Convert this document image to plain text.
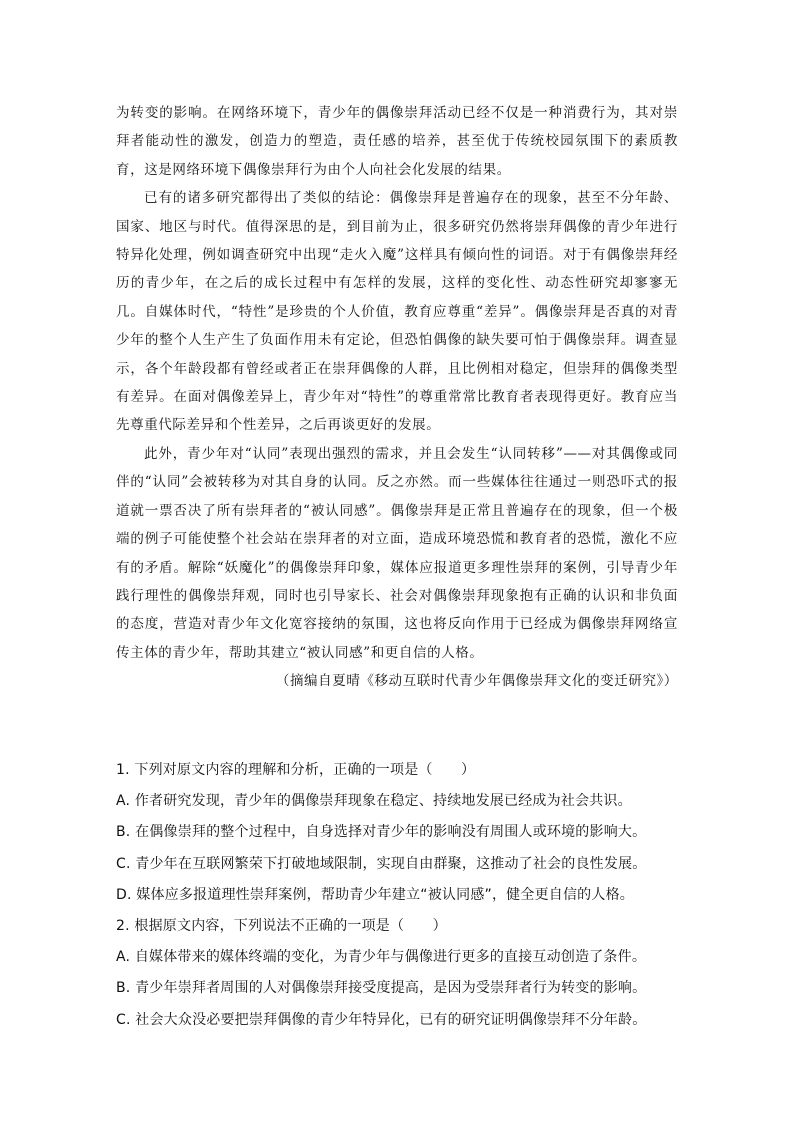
为转变的影响。在网络环境下，青少年的偶像崇拜活动已经不仅是一种消费行为，其对崇拜者能动性的激发，创造力的塑造，责任感的培养，甚至优于传统校园氛围下的素质教育，这是网络环境下偶像崇拜行为由个人向社会化发展的结果。

已有的诸多研究都得出了类似的结论：偶像崇拜是普遍存在的现象，甚至不分年龄、国家、地区与时代。值得深思的是，到目前为止，很多研究仍然将崇拜偶像的青少年进行特异化处理，例如调查研究中出现“走火入魔”这样具有倾向性的词语。对于有偶像崇拜经历的青少年，在之后的成长过程中有怎样的发展，这样的变化性、动态性研究却寥寥无几。自媒体时代，“特性”是珍贵的个人价值，教育应尊重“差异”。偶像崇拜是否真的对青少年的整个人生产生了负面作用未有定论，但恐怕偶像的缺失要可怕于偶像崇拜。调查显示，各个年龄段都有曾经或者正在崇拜偶像的人群，且比例相对稳定，但崇拜的偶像类型有差异。在面对偶像差异上，青少年对“特性”的尊重常常比教育者表现得更好。教育应当先尊重代际差异和个性差异，之后再谈更好的发展。

此外，青少年对“认同”表现出强烈的需求，并且会发生“认同转移”——对其偶像或同伴的“认同”会被转移为对其自身的认同。反之亦然。而一些媒体往往通过一则恐吓式的报道就一票否决了所有崇拜者的“被认同感”。偶像崇拜是正常且普遍存在的现象，但一个极端的例子可能使整个社会站在崇拜者的对立面，造成环境恐慌和教育者的恐慌，激化不应有的矛盾。解除“妖魔化”的偶像崇拜印象，媒体应报道更多理性崇拜的案例，引导青少年践行理性的偶像崇拜观，同时也引导家长、社会对偶像崇拜现象抱有正确的认识和非负面的态度，营造对青少年文化宽容接纳的氛围，这也将反向作用于已经成为偶像崇拜网络宣传主体的青少年，帮助其建立“被认同感”和更自信的人格。

（摘编自夏晴《移动互联时代青少年偶像崇拜文化的变迁研究》）

1. 下列对原文内容的理解和分析，正确的一项是（　　）

A. 作者研究发现，青少年的偶像崇拜现象在稳定、持续地发展已经成为社会共识。

B. 在偶像崇拜的整个过程中，自身选择对青少年的影响没有周围人或环境的影响大。

C. 青少年在互联网繁荣下打破地域限制，实现自由群聚，这推动了社会的良性发展。

D. 媒体应多报道理性崇拜案例，帮助青少年建立“被认同感”，健全更自信的人格。

2. 根据原文内容，下列说法不正确的一项是（　　）

A. 自媒体带来的媒体终端的变化，为青少年与偶像进行更多的直接互动创造了条件。

B. 青少年崇拜者周围的人对偶像崇拜接受度提高，是因为受崇拜者行为转变的影响。

C. 社会大众没必要把崇拜偶像的青少年特异化，已有的研究证明偶像崇拜不分年龄。
